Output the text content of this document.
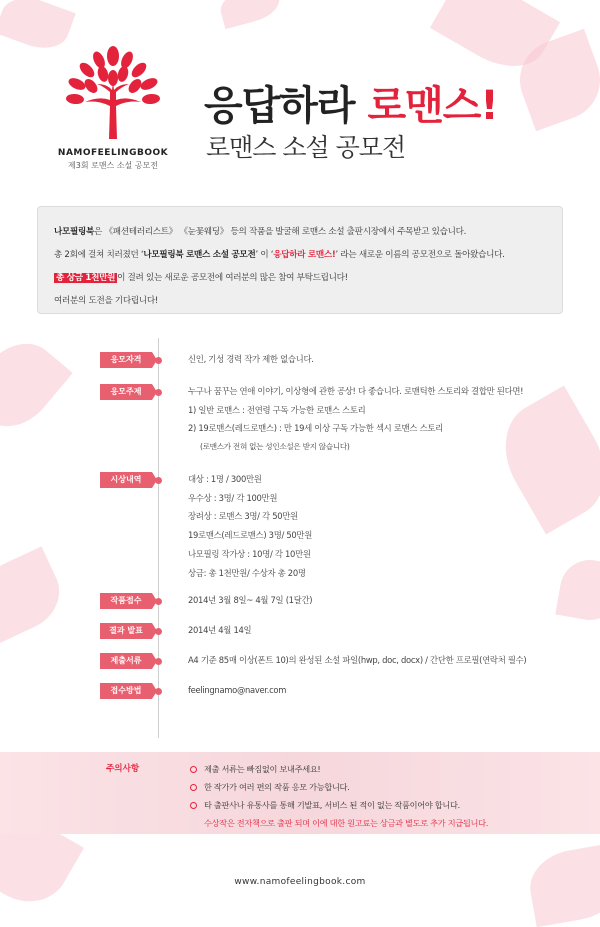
NAMOFEELINGBOOK
제3회 로맨스 소설 공모전
응답하라 로맨스!
로맨스 소설 공모전

나모필링북은 《패션테러리스트》 《눈꽃웨딩》 등의 작품을 발굴해 로맨스 소설 출판시장에서 주목받고 있습니다.

총 2회에 걸쳐 치러졌던 ‘나모필링북 로맨스 소설 공모전’ 이 ‘응답하라 로맨스!’ 라는 새로운 이름의 공모전으로 돌아왔습니다.

총 상금 1천만원 이 걸려 있는 새로운 공모전에 여러분의 많은 참여 부탁드립니다!

여러분의 도전을 기다립니다!

응모자격	신인, 기성 경력 작가 제한 없습니다.
응모주제	누구나 꿈꾸는 연애 이야기, 이상형에 관한 공상! 다 좋습니다. 로맨틱한 스토리와 결합만 된다면!
1) 일반 로맨스 : 전연령 구독 가능한 로맨스 스토리
2) 19로맨스(레드로맨스) : 만 19세 이상 구독 가능한 섹시 로맨스 스토리
(로맨스가 전혀 없는 성인소설은 받지 않습니다)
시상내역	대상 : 1명 / 300만원
우수상 : 3명/ 각 100만원
장려상 : 로맨스 3명/ 각 50만원
19로맨스(레드로맨스) 3명/ 50만원
나모필링 작가상 : 10명/ 각 10만원
상금: 총 1천만원/ 수상자 총 20명
작품접수	2014년 3월 8일~ 4월 7일 (1달간)
결과 발표	2014년 4월 14일
제출서류	A4 기준 85매 이상(폰트 10)의 완성된 소설 파일(hwp, doc, docx) / 간단한 프로필(연락처 필수)
접수방법	feelingnamo@naver.com
주의사항	제출 서류는 빠짐없이 보내주세요!
한 작가가 여러 편의 작품 응모 가능합니다.
타 출판사나 유통사를 통해 기발표, 서비스 된 적이 없는 작품이어야 합니다.
수상작은 전자책으로 출판 되며 이에 대한 원고료는 상금과 별도로 추가 지급됩니다.
www.namofeelingbook.com
